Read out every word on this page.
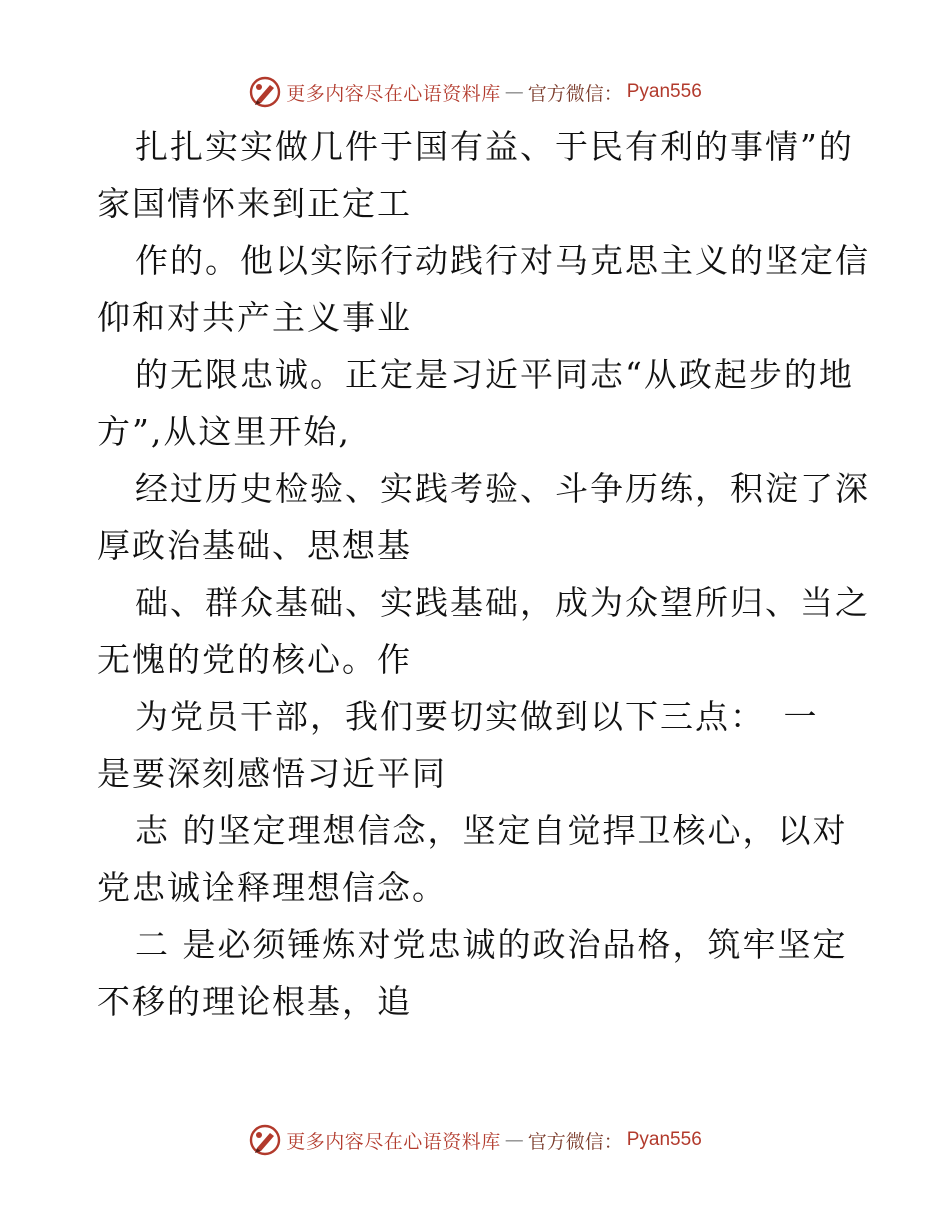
更多内容尽在心语资料库 — 官方微信： Pyan556

扎扎实实做几件于国有益、于民有利的事情”的
家国情怀来到正定工

作的。他以实际行动践行对马克思主义的坚定信
仰和对共产主义事业

的无限忠诚。正定是习近平同志“从政起步的地
方”,从这里开始,

经过历史检验、实践考验、斗争历练，积淀了深
厚政治基础、思想基

础、群众基础、实践基础，成为众望所归、当之
无愧的党的核心。作

为党员干部，我们要切实做到以下三点：　一
是要深刻感悟习近平同

志 的坚定理想信念，坚定自觉捍卫核心，以对
党忠诚诠释理想信念。

二 是必须锤炼对党忠诚的政治品格，筑牢坚定
不移的理论根基，追

更多内容尽在心语资料库 — 官方微信： Pyan556
